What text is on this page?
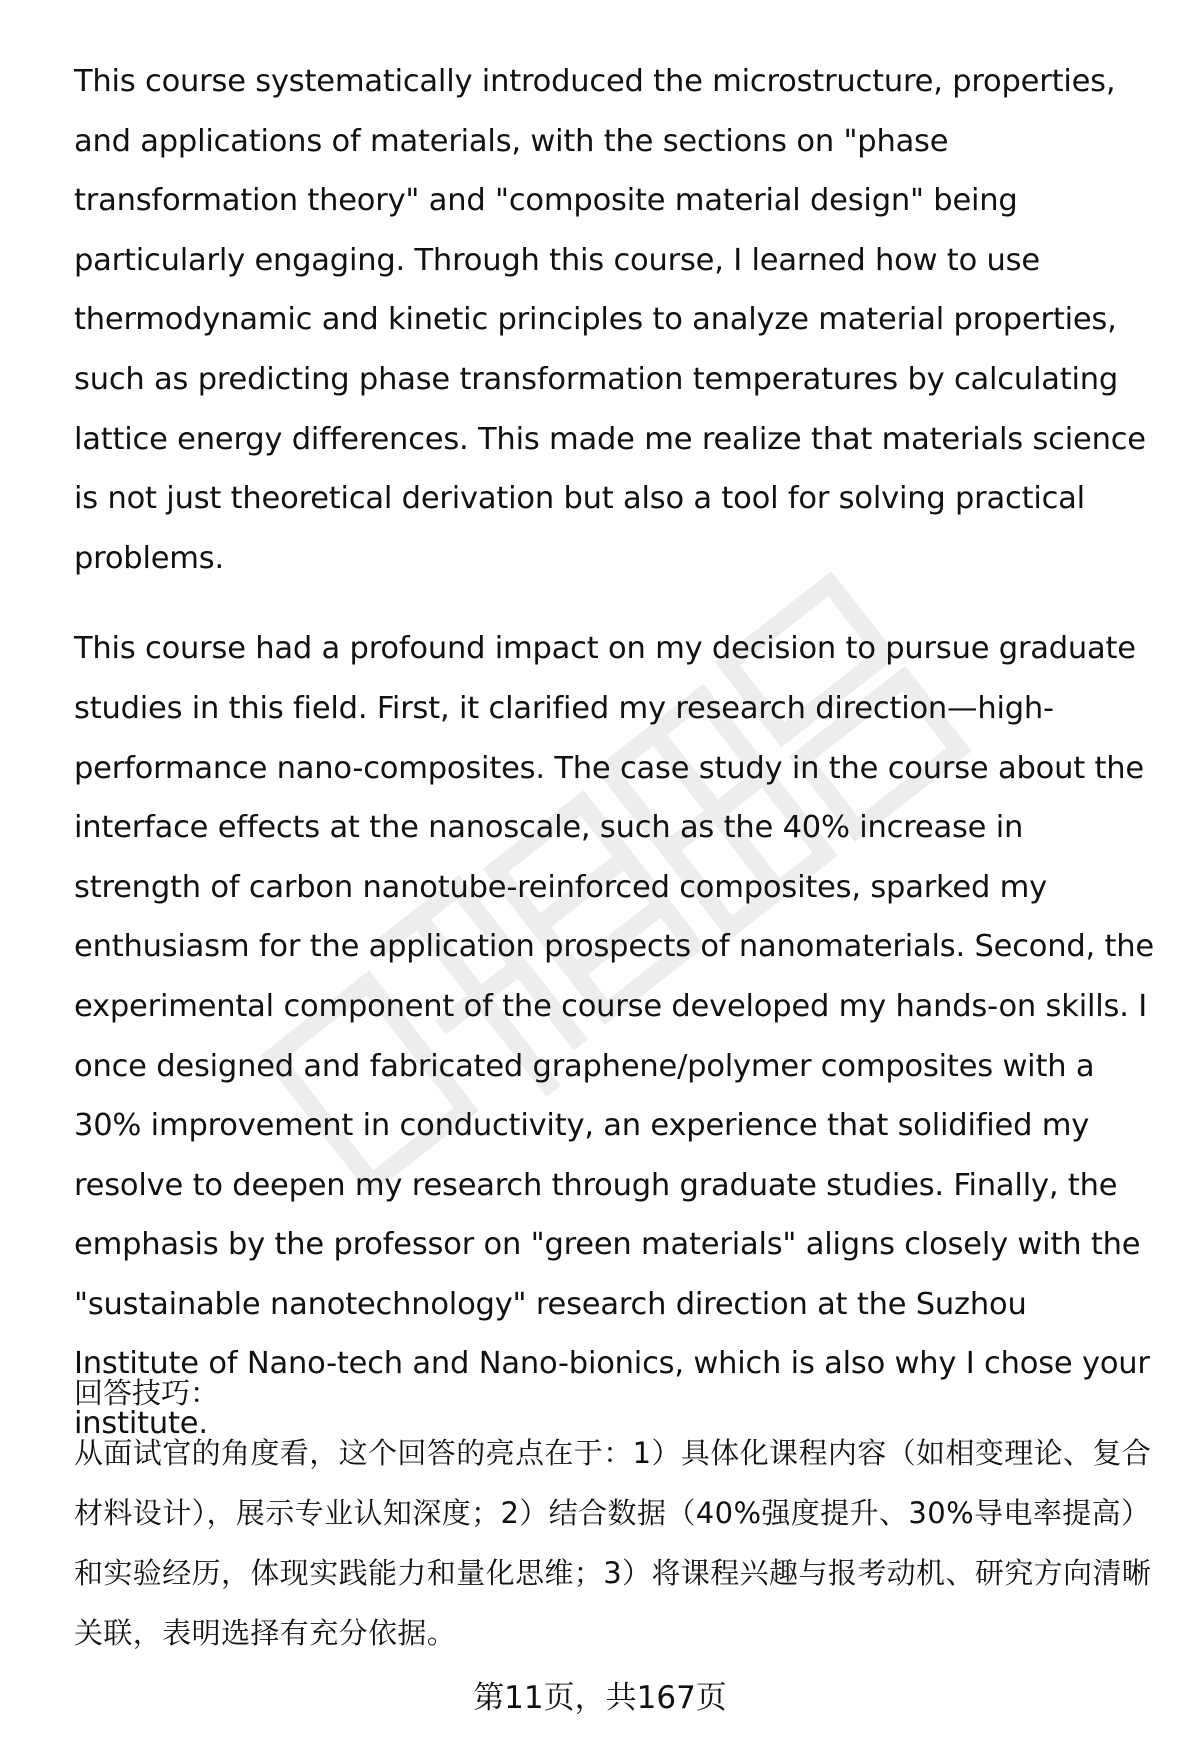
This course systematically introduced the microstructure, properties, and applications of materials, with the sections on "phase transformation theory" and "composite material design" being particularly engaging. Through this course, I learned how to use thermodynamic and kinetic principles to analyze material properties, such as predicting phase transformation temperatures by calculating lattice energy differences. This made me realize that materials science is not just theoretical derivation but also a tool for solving practical problems.

This course had a profound impact on my decision to pursue graduate studies in this field. First, it clarified my research direction—high-performance nano-composites. The case study in the course about the interface effects at the nanoscale, such as the 40% increase in strength of carbon nanotube-reinforced composites, sparked my enthusiasm for the application prospects of nanomaterials. Second, the experimental component of the course developed my hands-on skills. I once designed and fabricated graphene/polymer composites with a 30% improvement in conductivity, an experience that solidified my resolve to deepen my research through graduate studies. Finally, the emphasis by the professor on "green materials" aligns closely with the "sustainable nanotechnology" research direction at the Suzhou Institute of Nano-tech and Nano-bionics, which is also why I chose your institute.

回答技巧：

从面试官的角度看，这个回答的亮点在于：1）具体化课程内容（如相变理论、复合材料设计），展示专业认知深度；2）结合数据（40%强度提升、30%导电率提高）和实验经历，体现实践能力和量化思维；3）将课程兴趣与报考动机、研究方向清晰关联，表明选择有充分依据。

第11页，共167页
